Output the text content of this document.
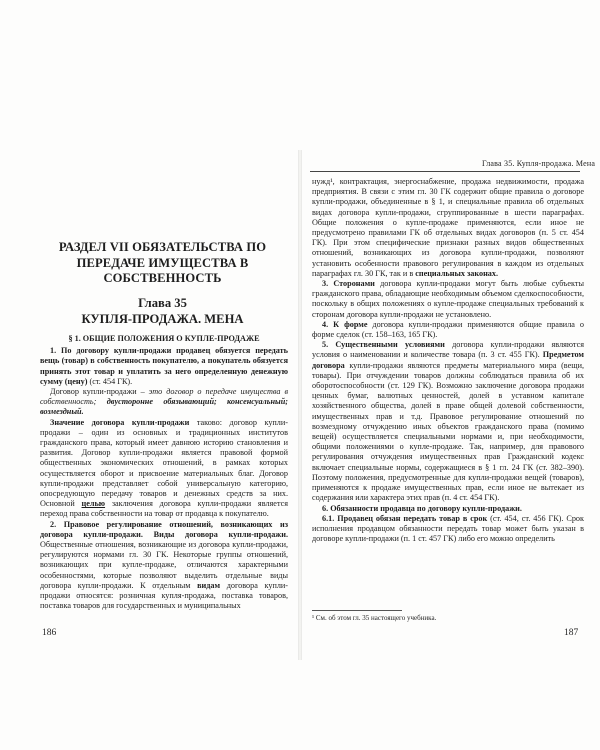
РАЗДЕЛ VII ОБЯЗАТЕЛЬСТВА ПО ПЕРЕДАЧЕ ИМУЩЕСТВА В СОБСТВЕННОСТЬ
Глава 35
КУПЛЯ-ПРОДАЖА. МЕНА

§ 1. ОБЩИЕ ПОЛОЖЕНИЯ О КУПЛЕ-ПРОДАЖЕ

1. По договору купли-продажи продавец обязуется передать вещь (товар) в собственность покупателю, а покупатель обязуется принять этот товар и уплатить за него определенную денежную сумму (цену) (ст. 454 ГК).

Договор купли-продажи – это договор о передаче имущества в собственность; двусторонне обязывающий; консенсуальный; возмездный.

Значение договора купли-продажи таково: договор купли-продажи – один из основных и традиционных институтов гражданского права, который имеет давнюю историю становления и развития. Договор купли-продажи является правовой формой общественных экономических отношений, в рамках которых осуществляется оборот и присвоение материальных благ. Договор купли-продажи представляет собой универсальную категорию, опосредующую передачу товаров и денежных средств за них. Основной целью заключения договора купли-продажи является переход права собственности на товар от продавца к покупателю.

2. Правовое регулирование отношений, возникающих из договора купли-продажи. Виды договора купли-продажи. Общественные отношения, возникающие из договора купли-продажи, регулируются нормами гл. 30 ГК. Некоторые группы отношений, возникающих при купле-продаже, отличаются характерными особенностями, которые позволяют выделить отдельные виды договора купли-продажи. К отдельным видам договора купли-продажи относятся: розничная купля-продажа, поставка товаров, поставка товаров для государственных и муниципальных

186
Глава 35. Купля-продажа. Мена

нужд¹, контрактация, энергоснабжение, продажа недвижимости, продажа предприятия. В связи с этим гл. 30 ГК содержит общие правила о договоре купли-продажи, объединенные в § 1, и специальные правила об отдельных видах договора купли-продажи, сгруппированные в шести параграфах. Общие положения о купле-продаже применяются, если иное не предусмотрено правилами ГК об отдельных видах договоров (п. 5 ст. 454 ГК). При этом специфические признаки разных видов общественных отношений, возникающих из договора купли-продажи, позволяют установить особенности правового регулирования в каждом из отдельных параграфах гл. 30 ГК, так и в специальных законах.

3. Сторонами договора купли-продажи могут быть любые субъекты гражданского права, обладающие необходимым объемом сделкоспособности, поскольку в общих положениях о купле-продаже специальных требований к сторонам договора купли-продажи не установлено.

4. К форме договора купли-продажи применяются общие правила о форме сделок (ст. 158–163, 165 ГК).

5. Существенными условиями договора купли-продажи являются условия о наименовании и количестве товара (п. 3 ст. 455 ГК). Предметом договора купли-продажи являются предметы материального мира (вещи, товары). При отчуждении товаров должны соблюдаться правила об их оборотоспособности (ст. 129 ГК). Возможно заключение договора продажи ценных бумаг, валютных ценностей, долей в уставном капитале хозяйственного общества, долей в праве общей долевой собственности, имущественных прав и т.д. Правовое регулирование отношений по возмездному отчуждению иных объектов гражданского права (помимо вещей) осуществляется специальными нормами и, при необходимости, общими положениями о купле-продаже. Так, например, для правового регулирования отчуждения имущественных прав Гражданский кодекс включает специальные нормы, содержащиеся в § 1 гл. 24 ГК (ст. 382–390). Поэтому положения, предусмотренные для купли-продажи вещей (товаров), применяются к продаже имущественных прав, если иное не вытекает из содержания или характера этих прав (п. 4 ст. 454 ГК).

6. Обязанности продавца по договору купли-продажи.

6.1. Продавец обязан передать товар в срок (ст. 454, ст. 456 ГК). Срок исполнения продавцом обязанности передать товар может быть указан в договоре купли-продажи (п. 1 ст. 457 ГК) либо его можно определить

¹ См. об этом гл. 35 настоящего учебника.
187
